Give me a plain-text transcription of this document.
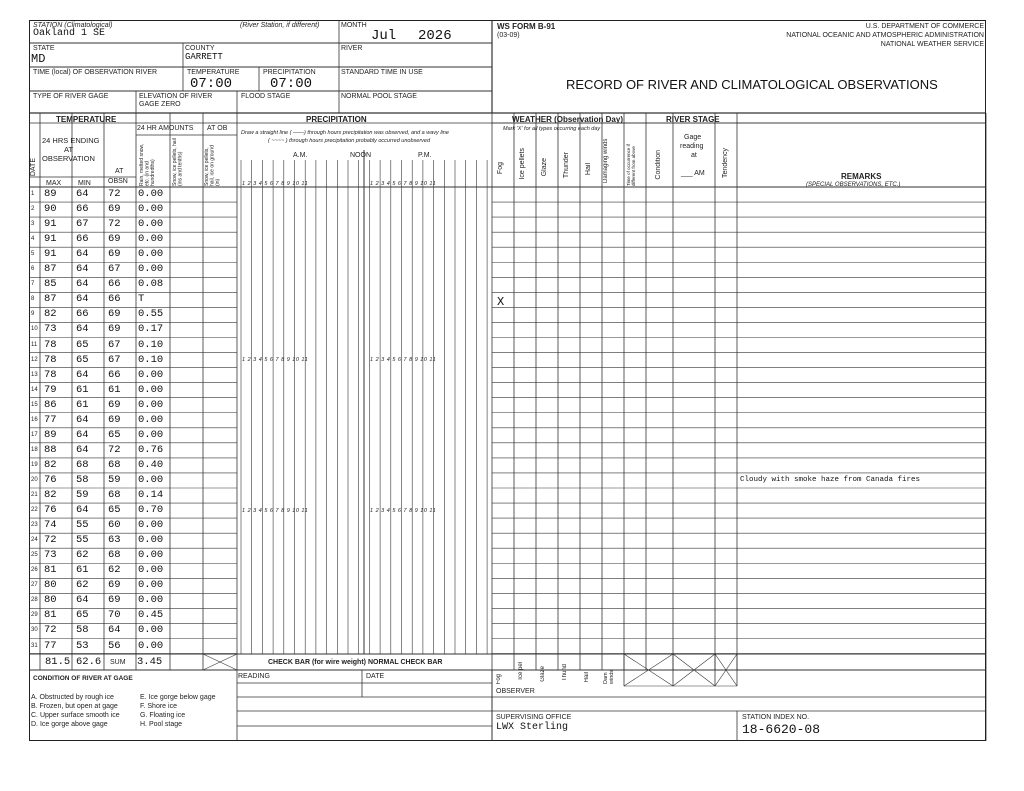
STATION (Climatological)
Oakland 1 SE
(River Station, if different)	MONTH
Jul 2026
WS FORM B-91
(03-09)
U.S. DEPARTMENT OF COMMERCE
NATIONAL OCEANIC AND ATMOSPHERIC ADMINISTRATION
NATIONAL WEATHER SERVICE
STATE
MD
COUNTY
GARRETT
RIVER
TIME (local) OF OBSERVATION RIVER	TEMPERATURE
07:00
PRECIPITATION
07:00
STANDARD TIME IN USE
RECORD OF RIVER AND CLIMATOLOGICAL OBSERVATIONS
TYPE OF RIVER GAGE	ELEVATION OF RIVER
GAGE ZERO
FLOOD STAGE	NORMAL POOL STAGE
TEMPERATURE
24 HRS ENDING
AT
OBSERVATION
DATE
MAX MIN
AT
OBSN
24 HR AMOUNTS AT OB
Rain, melted snow, etc. (in and hundredths)	Snow, ice pellets, hail (ins and tenths)	Snow, ice pellets, hail, ice on ground (in)
PRECIPITATION
Draw a straight line ( ——) through hours precipitation was observed, and a wavy line
( ~~~~ ) through hours precipitation probably occurred unobserved
A.M.	NOON	P.M.
1 2 3 4 5 6 7 8 9 10 11	1 2 3 4 5 6 7 8 9 10 11
1 2 3 4 5 6 7 8 9 10 11	1 2 3 4 5 6 7 8 9 10 11
1 2 3 4 5 6 7 8 9 10 11	1 2 3 4 5 6 7 8 9 10 11
WEATHER (Observation Day)
Mark 'X' for all types occurring each day
Fog Ice pellets Glaze Thunder Hail Damaging winds	Time of occurrence if different from above	Condition
RIVER STAGE
Gage
reading
at
___ AM Tendency	REMARKS
(SPECIAL OBSERVATIONS, ETC.)
1 89 64 72 0.00
2 90 66 69 0.00
3 91 67 72 0.00
4 91 66 69 0.00
5 91 64 69 0.00
6 87 64 67 0.00
7 85 64 66 0.08
8 87 64 66 T	X
9 82 66 69 0.55
10 73 64 69 0.17
11 78 65 67 0.10
12 78 65 67 0.10
13 78 64 66 0.00
14 79 61 61 0.00
15 86 61 69 0.00
16 77 64 69 0.00
17 89 64 65 0.00
18 88 64 72 0.76
19 82 68 68 0.40
20 76 58 59 0.00	Cloudy with smoke haze from Canada fires
21 82 59 68 0.14
22 76 64 65 0.70
23 74 55 60 0.00
24 72 55 63 0.00
25 73 62 68 0.00
26 81 61 62 0.00
27 80 62 69 0.00
28 80 64 69 0.00
29 81 65 70 0.45
30 72 58 64 0.00
31 77 53 56 0.00
81.5 62.6 SUM 3.45	CHECK BAR (for wire weight) NORMAL CHECK BAR
Fog	Ice pel	Glaze	Thund	Hail Dam winds
CONDITION OF RIVER AT GAGE	READING	DATE
OBSERVER
A. Obstructed by rough ice
B. Frozen, but open at gage
C. Upper surface smooth ice
D. Ice gorge above gage
E. Ice gorge below gage
F. Shore ice
G. Floating ice
H. Pool stage
SUPERVISING OFFICE
LWX Sterling
STATION INDEX NO.
18-6620-08
